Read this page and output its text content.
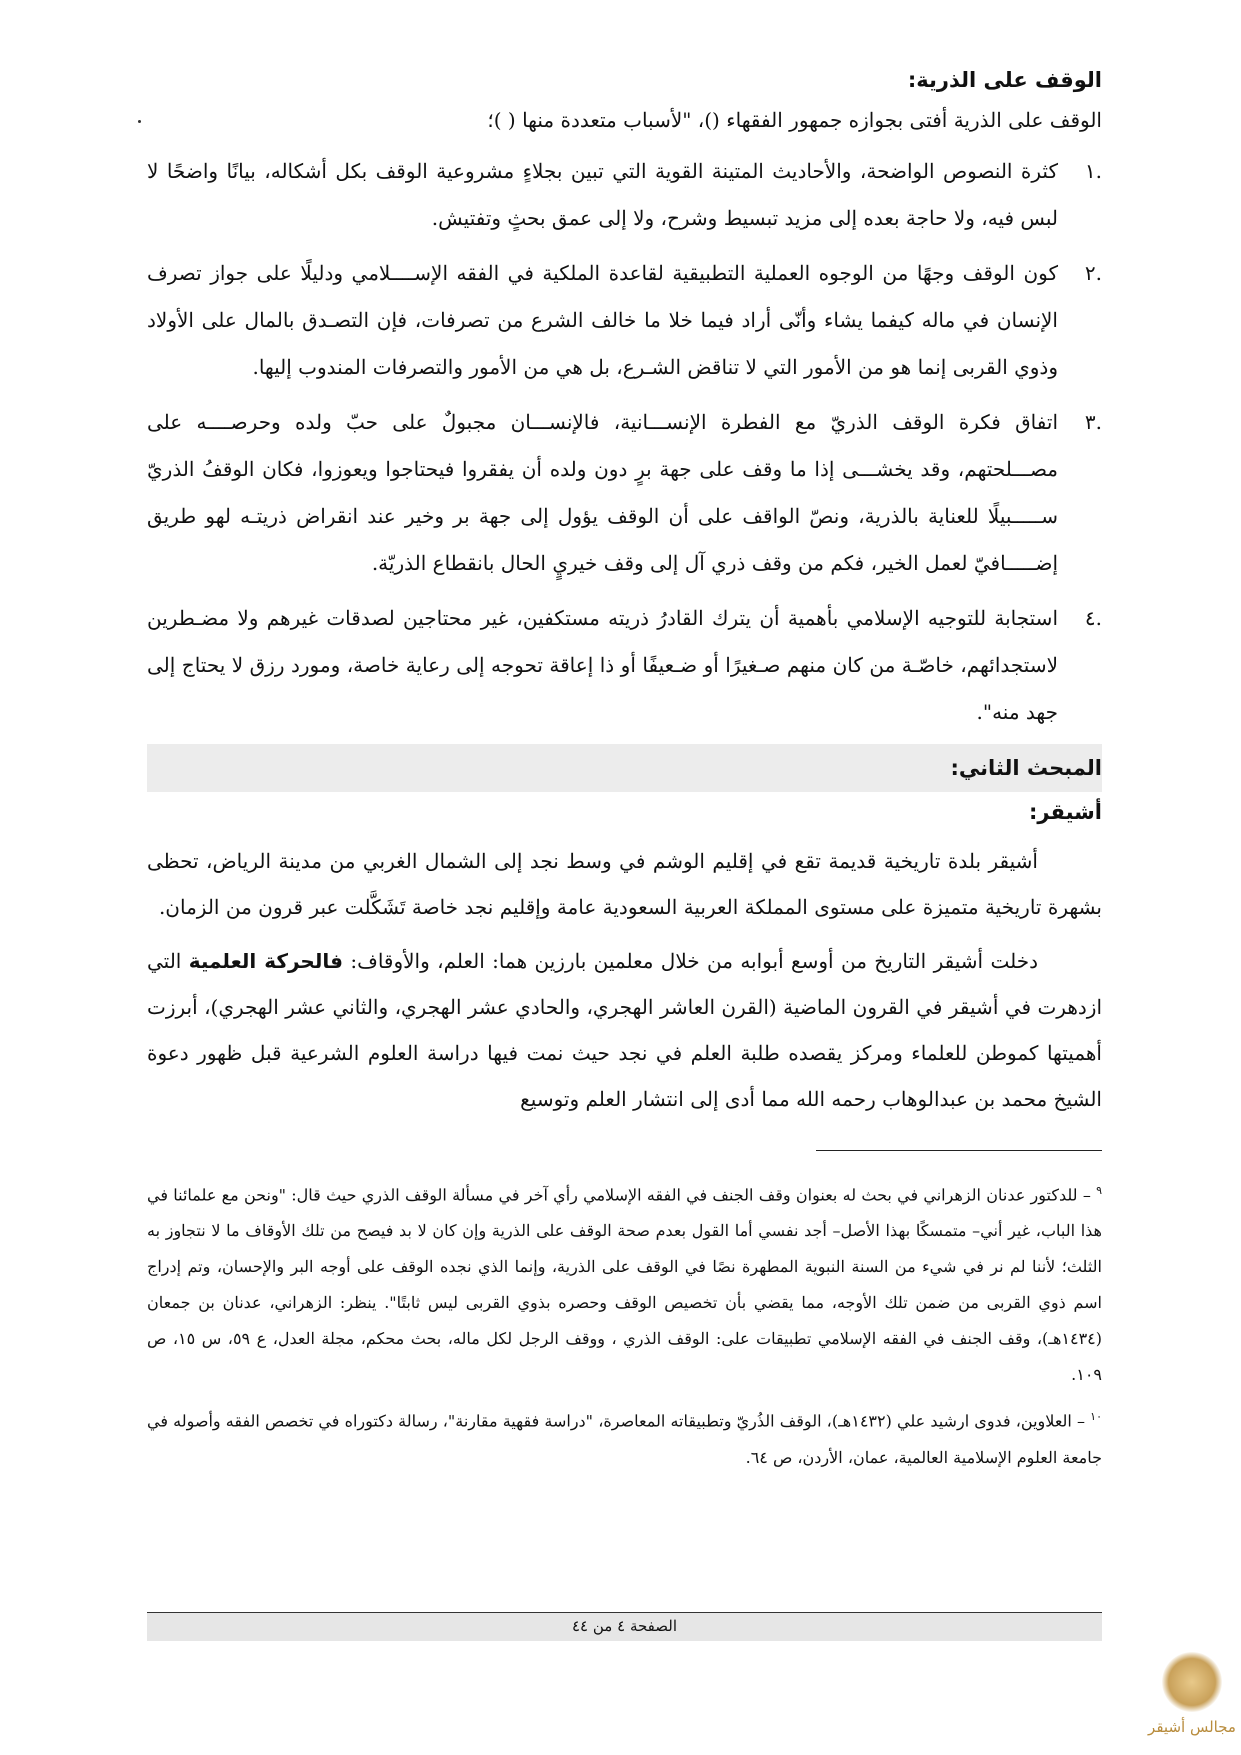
الوقف على الذرية:

الوقف على الذرية أفتى بجوازه جمهور الفقهاء ()، "لأسباب متعددة منها ( )؛

.١
كثرة النصوص الواضحة، والأحاديث المتينة القوية التي تبين بجلاءٍ مشروعية الوقف بكل أشكاله، بيانًا واضحًا لا لبس فيه، ولا حاجة بعده إلى مزيد تبسيط وشرح، ولا إلى عمق بحثٍ وتفتيش.
.٢
كون الوقف وجهًا من الوجوه العملية التطبيقية لقاعدة الملكية في الفقه الإســــلامي ودليلًا على جواز تصرف الإنسان في ماله كيفما يشاء وأنّى أراد فيما خلا ما خالف الشرع من تصرفات، فإن التصـدق بالمال على الأولاد وذوي القربى إنما هو من الأمور التي لا تناقض الشـرع، بل هي من الأمور والتصرفات المندوب إليها.
.٣
اتفاق فكرة الوقف الذريّ مع الفطرة الإنســـانية، فالإنســـان مجبولٌ على حبّ ولده وحرصــــه على مصـــلحتهم، وقد يخشـــى إذا ما وقف على جهة برٍ دون ولده أن يفقروا فيحتاجوا ويعوزوا، فكان الوقفُ الذريّ ســـــبيلًا للعناية بالذرية، ونصّ الواقف على أن الوقف يؤول إلى جهة بر وخير عند انقراض ذريتـه لهو طريق إضـــــافيّ لعمل الخير، فكم من وقف ذري آل إلى وقف خيريٍ الحال بانقطاع الذريّة.
.٤
استجابة للتوجيه الإسلامي بأهمية أن يترك القادرُ ذريته مستكفين، غير محتاجين لصدقات غيرهم ولا مضـطرين لاستجدائهم، خاصّـة من كان منهم صـغيرًا أو ضـعيفًا أو ذا إعاقة تحوجه إلى رعاية خاصة، ومورد رزق لا يحتاج إلى جهد منه".

المبحث الثاني:

أشيقر:

أشيقر بلدة تاريخية قديمة تقع في إقليم الوشم في وسط نجد إلى الشمال الغربي من مدينة الرياض، تحظى بشهرة تاريخية متميزة على مستوى المملكة العربية السعودية عامة وإقليم نجد خاصة تَشَكَّلت عبر قرون من الزمان.

دخلت أشيقر التاريخ من أوسع أبوابه من خلال معلمين بارزين هما: العلم، والأوقاف: فالحركة العلمية التي ازدهرت في أشيقر في القرون الماضية (القرن العاشر الهجري، والحادي عشر الهجري، والثاني عشر الهجري)، أبرزت أهميتها كموطن للعلماء ومركز يقصده طلبة العلم في نجد حيث نمت فيها دراسة العلوم الشرعية قبل ظهور دعوة الشيخ محمد بن عبدالوهاب رحمه الله مما أدى إلى انتشار العلم وتوسيع

$^٩$ – للدكتور عدنان الزهراني في بحث له بعنوان وقف الجنف في الفقه الإسلامي رأي آخر في مسألة الوقف الذري حيث قال: "ونحن مع علمائنا في هذا الباب، غير أني– متمسكًا بهذا الأصل– أجد نفسي أما القول بعدم صحة الوقف على الذرية وإن كان لا بد فيصح من تلك الأوقاف ما لا نتجاوز به الثلث؛ لأننا لم نر في شيء من السنة النبوية المطهرة نصًا في الوقف على الذرية، وإنما الذي نجده الوقف على أوجه البر والإحسان، وتم إدراج اسم ذوي القربى من ضمن تلك الأوجه، مما يقضي بأن تخصيص الوقف وحصره بذوي القربى ليس ثابتًا". ينظر: الزهراني، عدنان بن جمعان (١٤٣٤هـ)، وقف الجنف في الفقه الإسلامي تطبيقات على: الوقف الذري ، ووقف الرجل لكل ماله، بحث محكم، مجلة العدل، ع ٥٩، س ١٥، ص ١٠٩.

$^{١٠}$ – العلاوين، فدوى ارشيد علي (١٤٣٢هـ)، الوقف الذُريّ وتطبيقاته المعاصرة، "دراسة فقهية مقارنة"، رسالة دكتوراه في تخصص الفقه وأصوله في جامعة العلوم الإسلامية العالمية، عمان، الأردن، ص ٦٤.

الصفحة ٤ من ٤٤
مجالس أشيقر
